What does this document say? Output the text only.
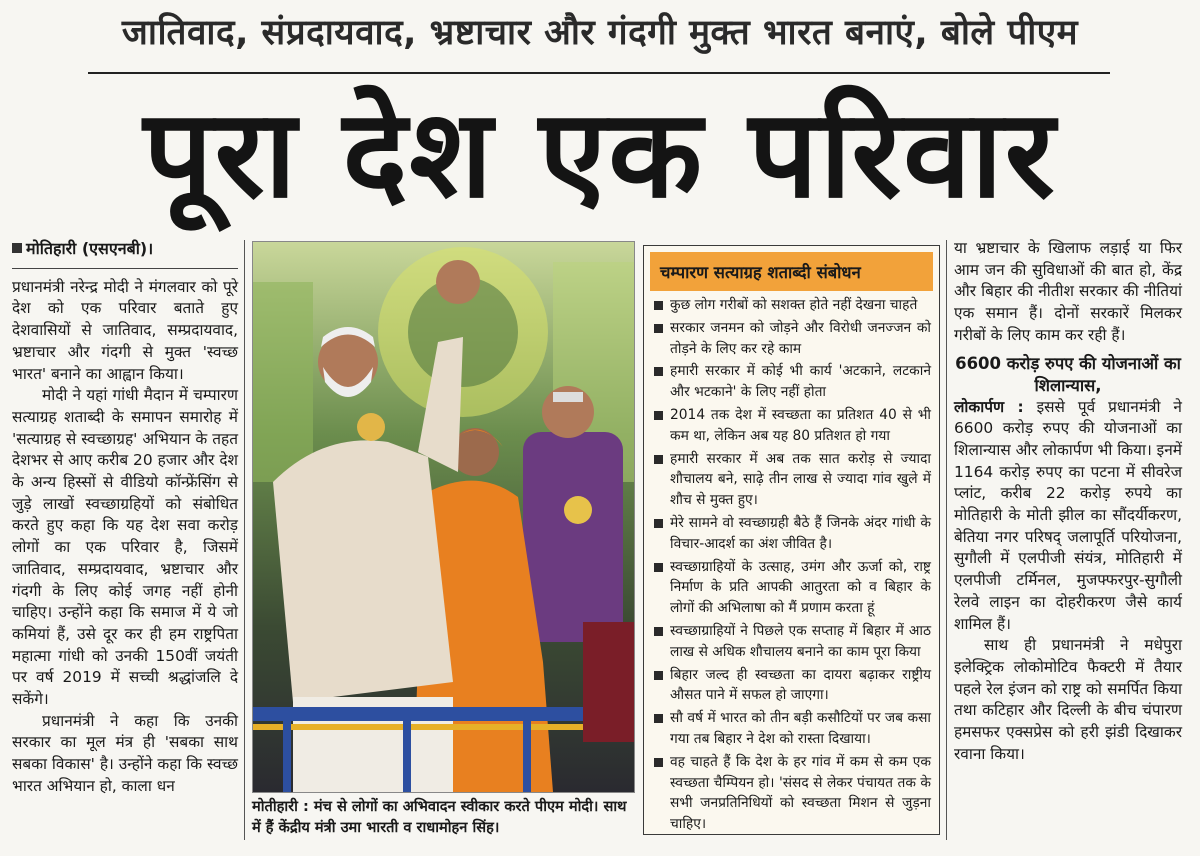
जातिवाद, संप्रदायवाद, भ्रष्टाचार और गंदगी मुक्त भारत बनाएं, बोले पीएम
पूरा देश एक परिवार
मोतिहारी (एसएनबी)।

प्रधानमंत्री नरेन्द्र मोदी ने मंगलवार को पूरे देश को एक परिवार बताते हुए देशवासियों से जातिवाद, सम्प्रदायवाद, भ्रष्टाचार और गंदगी से मुक्त 'स्वच्छ भारत' बनाने का आह्वान किया।

मोदी ने यहां गांधी मैदान में चम्पारण सत्याग्रह शताब्दी के समापन समारोह में 'सत्याग्रह से स्वच्छाग्रह' अभियान के तहत देशभर से आए करीब 20 हजार और देश के अन्य हिस्सों से वीडियो कॉन्फ्रेंसिंग से जुड़े लाखों स्वच्छाग्रहियों को संबोधित करते हुए कहा कि यह देश सवा करोड़ लोगों का एक परिवार है, जिसमें जातिवाद, सम्प्रदायवाद, भ्रष्टाचार और गंदगी के लिए कोई जगह नहीं होनी चाहिए। उन्होंने कहा कि समाज में ये जो कमियां हैं, उसे दूर कर ही हम राष्ट्रपिता महात्मा गांधी को उनकी 150वीं जयंती पर वर्ष 2019 में सच्ची श्रद्धांजलि दे सकेंगे।

प्रधानमंत्री ने कहा कि उनकी सरकार का मूल मंत्र ही 'सबका साथ सबका विकास' है। उन्होंने कहा कि स्वच्छ भारत अभियान हो, काला धन

मोतीहारी : मंच से लोगों का अभिवादन स्वीकार करते पीएम मोदी। साथ में हैं केंद्रीय मंत्री उमा भारती व राधामोहन सिंह।
चम्पारण सत्याग्रह शताब्दी संबोधन
कुछ लोग गरीबों को सशक्त होते नहीं देखना चाहते
सरकार जनमन को जोड़ने और विरोधी जनज्जन को तोड़ने के लिए कर रहे काम
हमारी सरकार में कोई भी कार्य 'अटकाने, लटकाने और भटकाने' के लिए नहीं होता
2014 तक देश में स्वच्छता का प्रतिशत 40 से भी कम था, लेकिन अब यह 80 प्रतिशत हो गया
हमारी सरकार में अब तक सात करोड़ से ज्यादा शौचालय बने, साढ़े तीन लाख से ज्यादा गांव खुले में शौच से मुक्त हुए।
मेरे सामने वो स्वच्छाग्रही बैठे हैं जिनके अंदर गांधी के विचार-आदर्श का अंश जीवित है।
स्वच्छाग्राहियों के उत्साह, उमंग और ऊर्जा को, राष्ट्र निर्माण के प्रति आपकी आतुरता को व बिहार के लोगों की अभिलाषा को मैं प्रणाम करता हूं
स्वच्छाग्राहियों ने पिछले एक सप्ताह में बिहार में आठ लाख से अधिक शौचालय बनाने का काम पूरा किया
बिहार जल्द ही स्वच्छता का दायरा बढ़ाकर राष्ट्रीय औसत पाने में सफल हो जाएगा।
सौ वर्ष में भारत को तीन बड़ी कसौटियों पर जब कसा गया तब बिहार ने देश को रास्ता दिखाया।
वह चाहते हैं कि देश के हर गांव में कम से कम एक स्वच्छता चैम्पियन हो। 'संसद से लेकर पंचायत तक के सभी जनप्रतिनिधियों को स्वच्छता मिशन से जुड़ना चाहिए।

या भ्रष्टाचार के खिलाफ लड़ाई या फिर आम जन की सुविधाओं की बात हो, केंद्र और बिहार की नीतीश सरकार की नीतियां एक समान हैं। दोनों सरकारें मिलकर गरीबों के लिए काम कर रही हैं।

6600 करोड़ रुपए की योजनाओं का शिलान्यास,

लोकार्पण : इससे पूर्व प्रधानमंत्री ने 6600 करोड़ रुपए की योजनाओं का शिलान्यास और लोकार्पण भी किया। इनमें 1164 करोड़ रुपए का पटना में सीवरेज प्लांट, करीब 22 करोड़ रुपये का मोतिहारी के मोती झील का सौंदर्यीकरण, बेतिया नगर परिषद् जलापूर्ति परियोजना, सुगौली में एलपीजी संयंत्र, मोतिहारी में एलपीजी टर्मिनल, मुजफ्फरपुर-सुगौली रेलवे लाइन का दोहरीकरण जैसे कार्य शामिल हैं।

साथ ही प्रधानमंत्री ने मधेपुरा इलेक्ट्रिक लोकोमोटिव फैक्टरी में तैयार पहले रेल इंजन को राष्ट्र को समर्पित किया तथा कटिहार और दिल्ली के बीच चंपारण हमसफर एक्सप्रेस को हरी झंडी दिखाकर रवाना किया।
